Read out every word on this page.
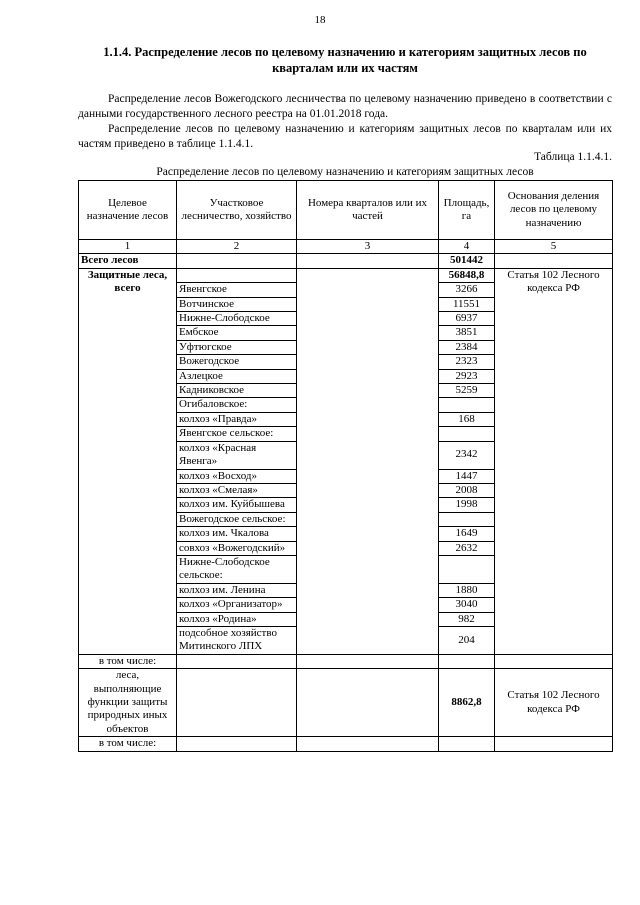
18
1.1.4. Распределение лесов по целевому назначению и категориям защитных лесов по кварталам или их частям
Распределение лесов Вожегодского лесничества по целевому назначению приведено в соответствии с данными государственного лесного реестра на 01.01.2018 года.
Распределение лесов по целевому назначению и категориям защитных лесов по кварталам или их частям приведено в таблице 1.1.4.1.
Таблица 1.1.4.1.
Распределение лесов по целевому назначению и категориям защитных лесов
Целевое назначение лесов	Участковое лесничество, хозяйство	Номера кварталов или их частей	Площадь, га	Основания деления лесов по целевому назначению
1	2	3	4	5
Всего лесов			501442	
Защитные леса, всего			56848,8	Статья 102 Лесного кодекса РФ
	Явенгское		3266	
	Вотчинское		11551	
	Нижне-Слободское		6937	
	Ембское		3851	
	Уфтюгское		2384	
	Вожегодское		2323	
	Азлецкое		2923	
	Кадниковское		5259	
	Огибаловское:			
	колхоз «Правда»		168	
	Явенгское сельское:			
	колхоз «Красная Явенга»		2342	
	колхоз «Восход»		1447	
	колхоз «Смелая»		2008	
	колхоз им. Куйбышева		1998	
	Вожегодское сельское:			
	колхоз им. Чкалова		1649	
	совхоз «Вожегодский»		2632	
	Нижне-Слободское сельское:			
	колхоз им. Ленина		1880	
	колхоз «Организатор»		3040	
	колхоз «Родина»		982	
	подсобное хозяйство Митинского ЛПХ		204	
в том числе:				
леса, выполняющие функции защиты природных иных объектов			8862,8	Статья 102 Лесного кодекса РФ
в том числе:				
